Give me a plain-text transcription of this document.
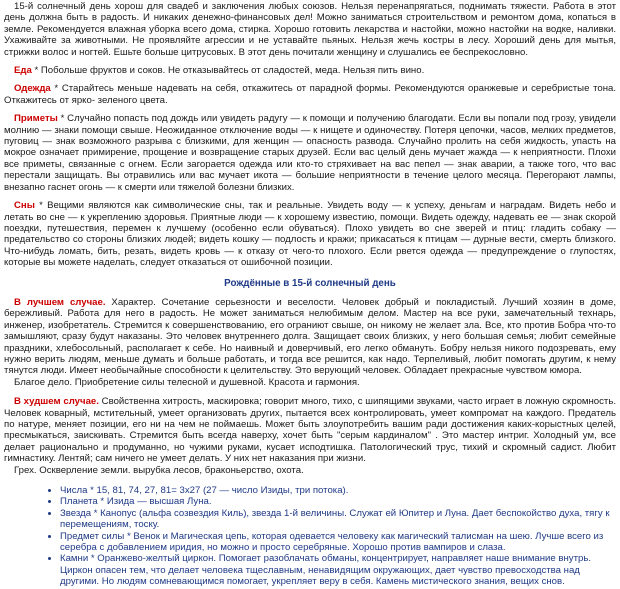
15-й солнечный день хорош для свадеб и заключения любых союзов. Нельзя перенапрягаться, поднимать тяжести. Работа в этот день должна быть в радость. И никаких денежно-финансовых дел! Можно заниматься строительством и ремонтом дома, копаться в земле. Рекомендуется влажная уборка всего дома, стирка. Хорошо готовить лекарства и настойки, можно настойки на водке, наливки. Ухаживайте за животными. Не проявляйте агрессии и не уставайте пьяных. Нельзя жечь костры в лесу. Хороший день для мытья, стрижки волос и ногтей. Ешьте больше цитрусовых. В этот день почитали женщину и слушались ее беспрекословно.

Еда * Побольше фруктов и соков. Не отказывайтесь от сладостей, меда. Нельзя пить вино.

Одежда * Старайтесь меньше надевать на себя, откажитесь от парадной формы. Рекомендуются оранжевые и серебристые тона. Откажитесь от ярко- зеленого цвета.

Приметы * Случайно попасть под дождь или увидеть радугу — к помощи и получению благодати. Если вы попали под грозу, увидели молнию — знаки помощи свыше. Неожиданное отключение воды — к нищете и одиночеству. Потеря цепочки, часов, мелких предметов, пуговиц — знак возможного разрыва с близкими, для женщин — опасность развода. Случайно пролить на себя жидкость, упасть на мокрое означает примирение, прощение и возвращение старых друзей. Если вас целый день мучает жажда — к неприятности. Плохи все приметы, связанные с огнем. Если загорается одежда или кто-то стряхивает на вас пепел — знак аварии, а также того, что вас перестали защищать. Вы отравились или вас мучает икота — большие неприятности в течение целого месяца. Перегорают лампы, внезапно гаснет огонь — к смерти или тяжелой болезни близких.

Сны * Вещими являются как символические сны, так и реальные. Увидеть воду — к успеху, деньгам и наградам. Видеть небо и летать во сне — к укреплению здоровья. Приятные люди — к хорошему известию, помощи. Видеть одежду, надевать ее — знак скорой поездки, путешествия, перемен к лучшему (особенно если обуваться). Плохо увидеть во сне зверей и птиц: гладить собаку — предательство со стороны близких людей; видеть кошку — подлость и кражи; прикасаться к птицам — дурные вести, смерть близкого. Что-нибудь ломать, бить, резать, видеть кровь — к отказу от чего-то плохого. Если рвется одежда — предупреждение о глупостях, которые вы можете наделать, следует отказаться от ошибочной позиции.

Рождённые в 15-й солнечный день

В лучшем случае. Характер. Сочетание серьезности и веселости. Человек добрый и покладистый. Лучший хозяин в доме, бережливый. Работа для него в радость. Не может заниматься нелюбимым делом. Мастер на все руки, замечательный технарь, инженер, изобретатель. Стремится к совершенствованию, его ограниют свыше, он никому не желает зла. Все, кто против Бобра что-то замышляют, сразу будут наказаны. Это человек внутреннего долга. Защищает своих близких, у него большая семья; любит семейные праздники, хлебосольный, располагает к себе. Но наивный и доверчивый, его легко обмануть. Бобру нельзя никого подозревать, ему нужно верить людям, меньше думать и больше работать, и тогда все решится, как надо. Терпеливый, любит помогать другим, к нему тянутся люди. Имеет необычайные способности к целительству. Это верующий человек. Обладает прекрасные чувством юмора.

Благое дело. Приобретение силы телесной и душевной. Красота и гармония.

В худшем случае. Свойственна хитрость, маскировка; говорит много, тихо, с шипящими звуками, часто играет в ложную скромность. Человек коварный, мстительный, умеет организовать других, пытается всех контролировать, умеет компромат на каждого. Предатель по натуре, меняет позиции, его ни на чем не поймаешь. Может быть злоупотребить вашим ради достижения каких-корыстных целей, пресмыкаться, заискивать. Стремится быть всегда наверху, хочет быть "серым кардиналом" . Это мастер интриг. Холодный ум, все делает рационально и продуманно, но чужими руками, кусает исподтишка. Патологический трус, тихий и скромный садист. Любит гимнастику. Лентяй; сам ничего не умеет делать. У них нет наказания при жизни.

Грех. Оскверление земли. вырубка лесов, браконьерство, охота.

• Числа * 15, 81, 74, 27, 81= 3х27 (27 — число Изиды, три потока).
• Планета * Изида — высшая Луна.
• Звезда * Канопус (альфа созвездия Киль), звезда 1-й величины. Служат ей Юпитер и Луна. Дает беспокойство духа, тягу к перемещениям, тоску.
• Предмет силы * Венок и Магическая цепь, которая одевается человеку как магический талисман на шею. Лучше всего из серебра с добавлением иридия, но можно и просто серебряные. Хорошо против вампиров и слаза.
• Камни * Оранжево-желтый циркон. Помогает разоблачать обманы, концентрирует, направляет наше внимание внутрь. Циркон опасен тем, что делает человека тщеславным, ненавидящим окружающих, дает чувство превосходства над другими. Но людям сомневающимся помогает, укрепляет веру в себя. Камень мистического знания, вещих снов.
